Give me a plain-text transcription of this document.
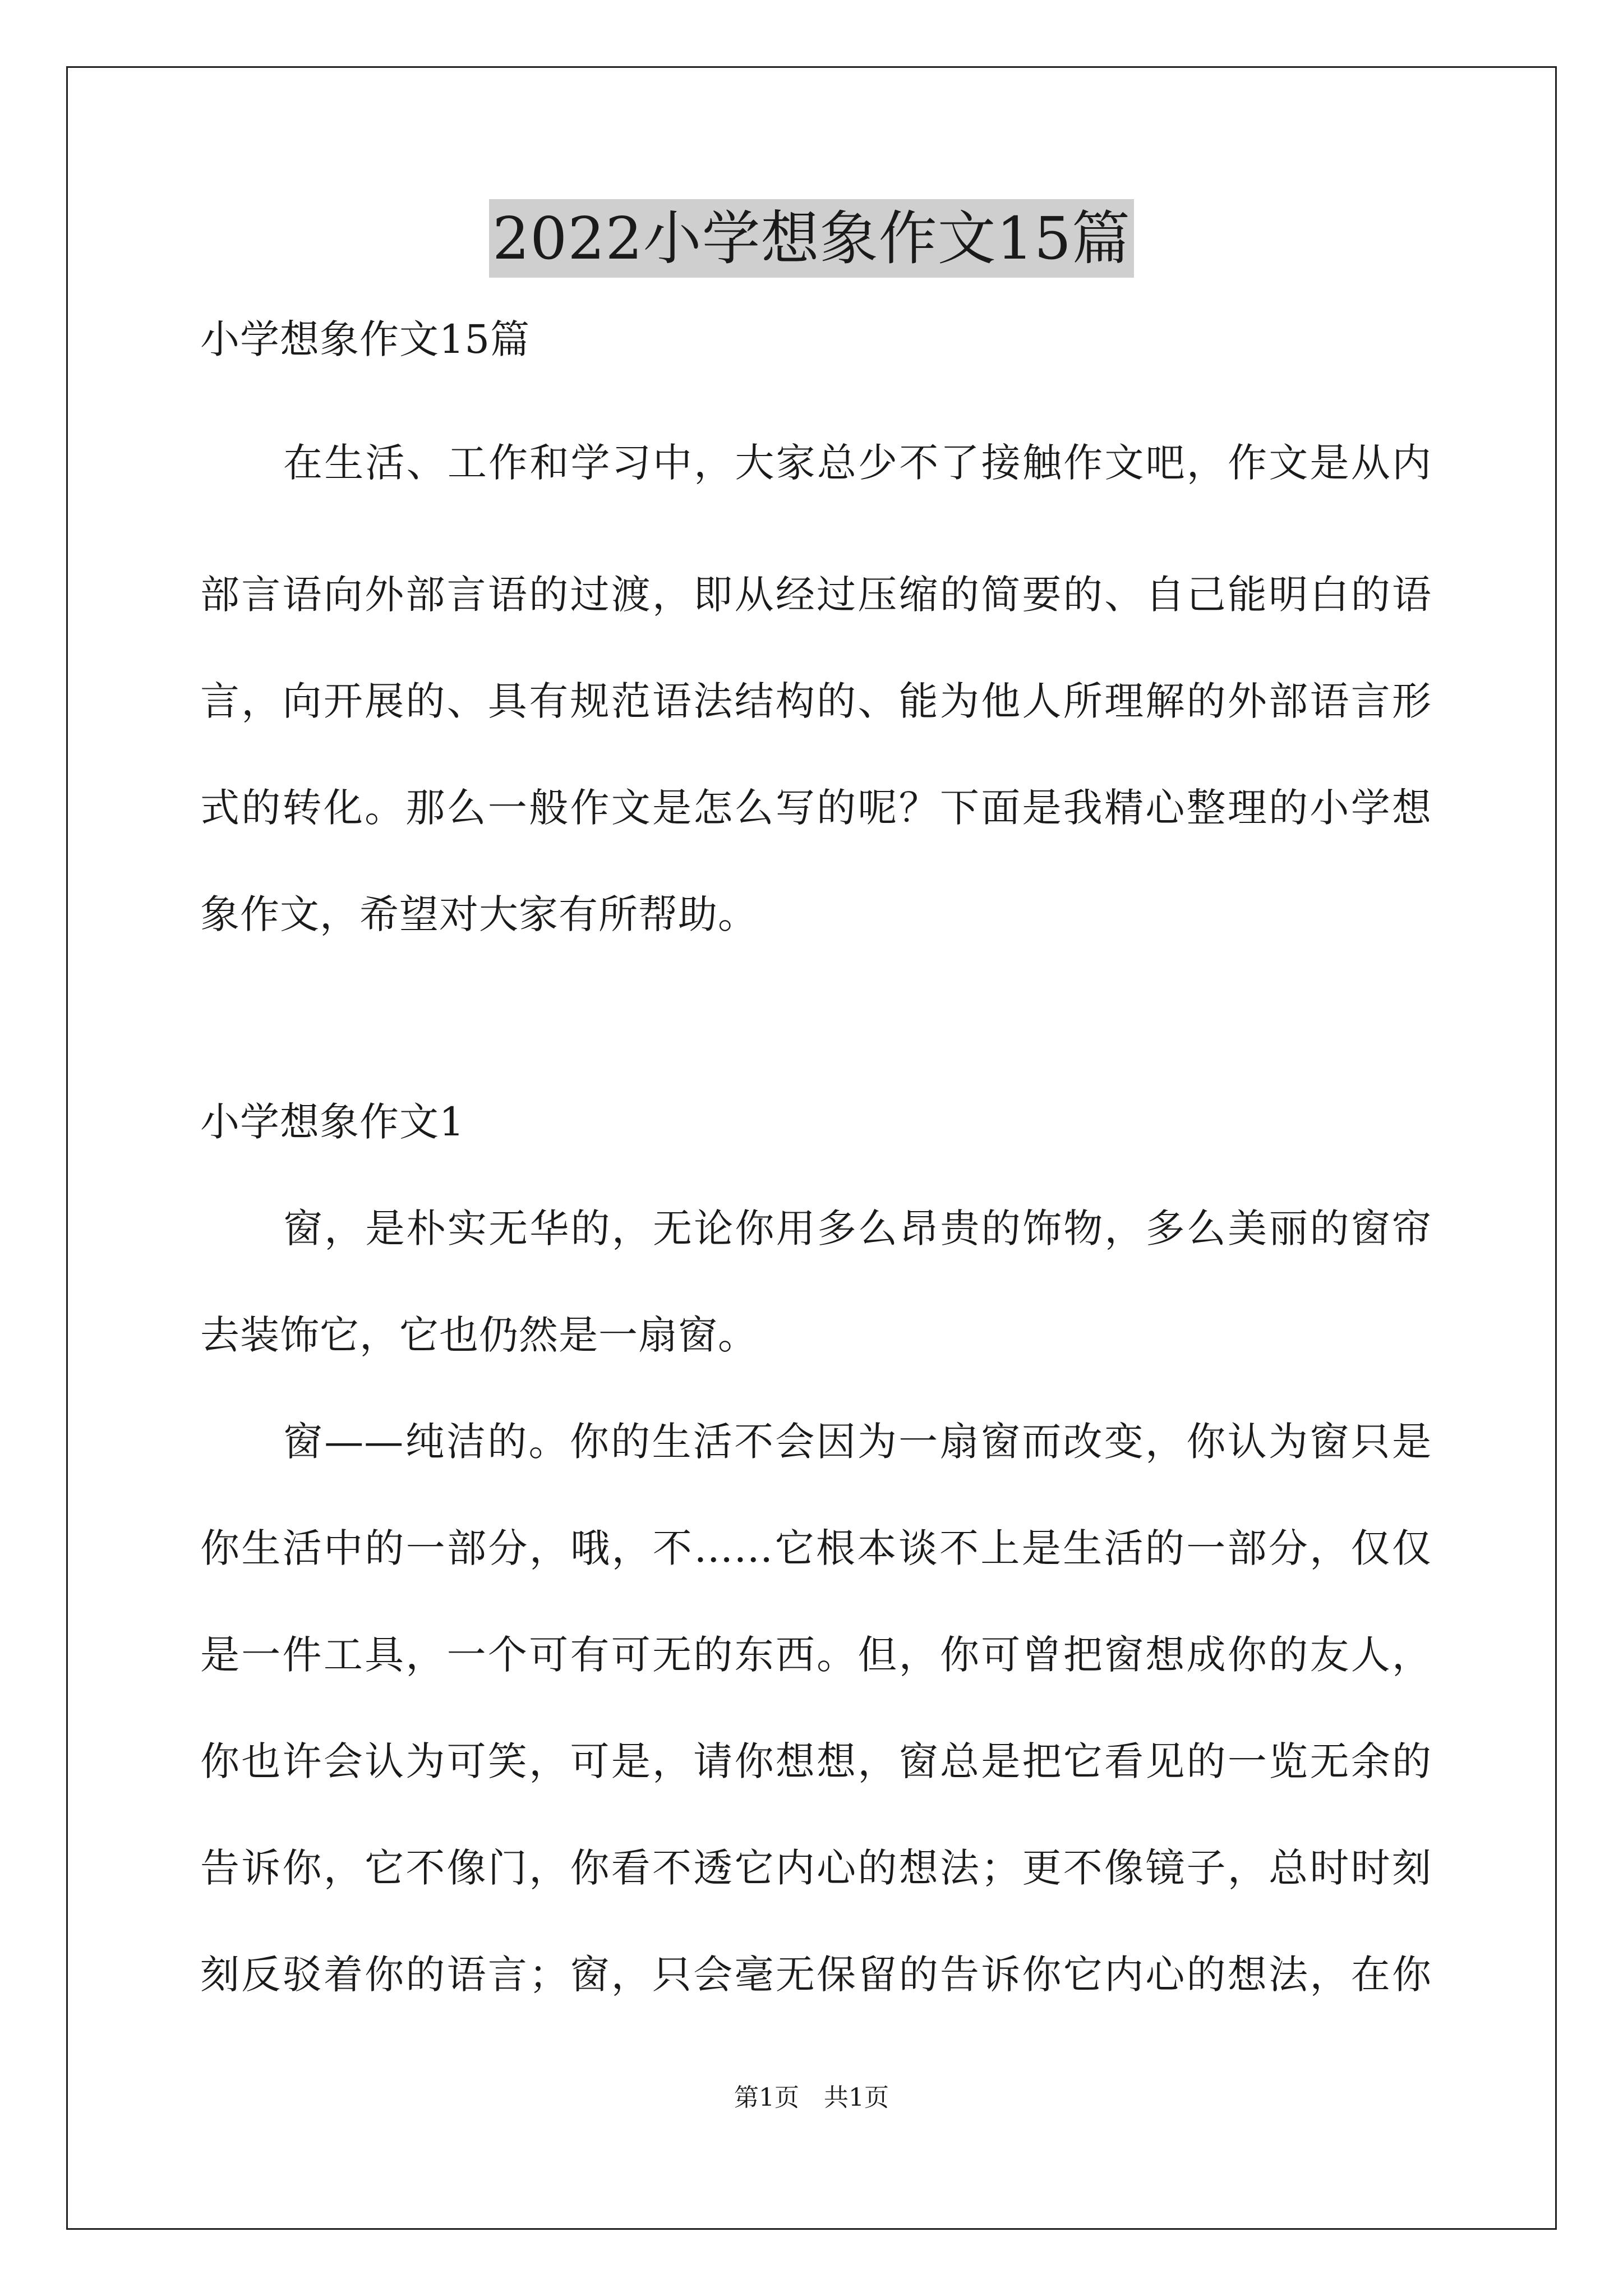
2022小学想象作文15篇
小学想象作文15篇
在生活、工作和学习中，大家总少不了接触作文吧，作文是从内
部言语向外部言语的过渡，即从经过压缩的简要的、自己能明白的语
言，向开展的、具有规范语法结构的、能为他人所理解的外部语言形
式的转化。那么一般作文是怎么写的呢？下面是我精心整理的小学想
象作文，希望对大家有所帮助。
小学想象作文1
窗，是朴实无华的，无论你用多么昂贵的饰物，多么美丽的窗帘
去装饰它，它也仍然是一扇窗。
窗——纯洁的。你的生活不会因为一扇窗而改变，你认为窗只是
你生活中的一部分，哦，不……它根本谈不上是生活的一部分，仅仅
是一件工具，一个可有可无的东西。但，你可曾把窗想成你的友人，
你也许会认为可笑，可是，请你想想，窗总是把它看见的一览无余的
告诉你，它不像门，你看不透它内心的想法；更不像镜子，总时时刻
刻反驳着你的语言；窗，只会毫无保留的告诉你它内心的想法，在你
第1页　共1页
